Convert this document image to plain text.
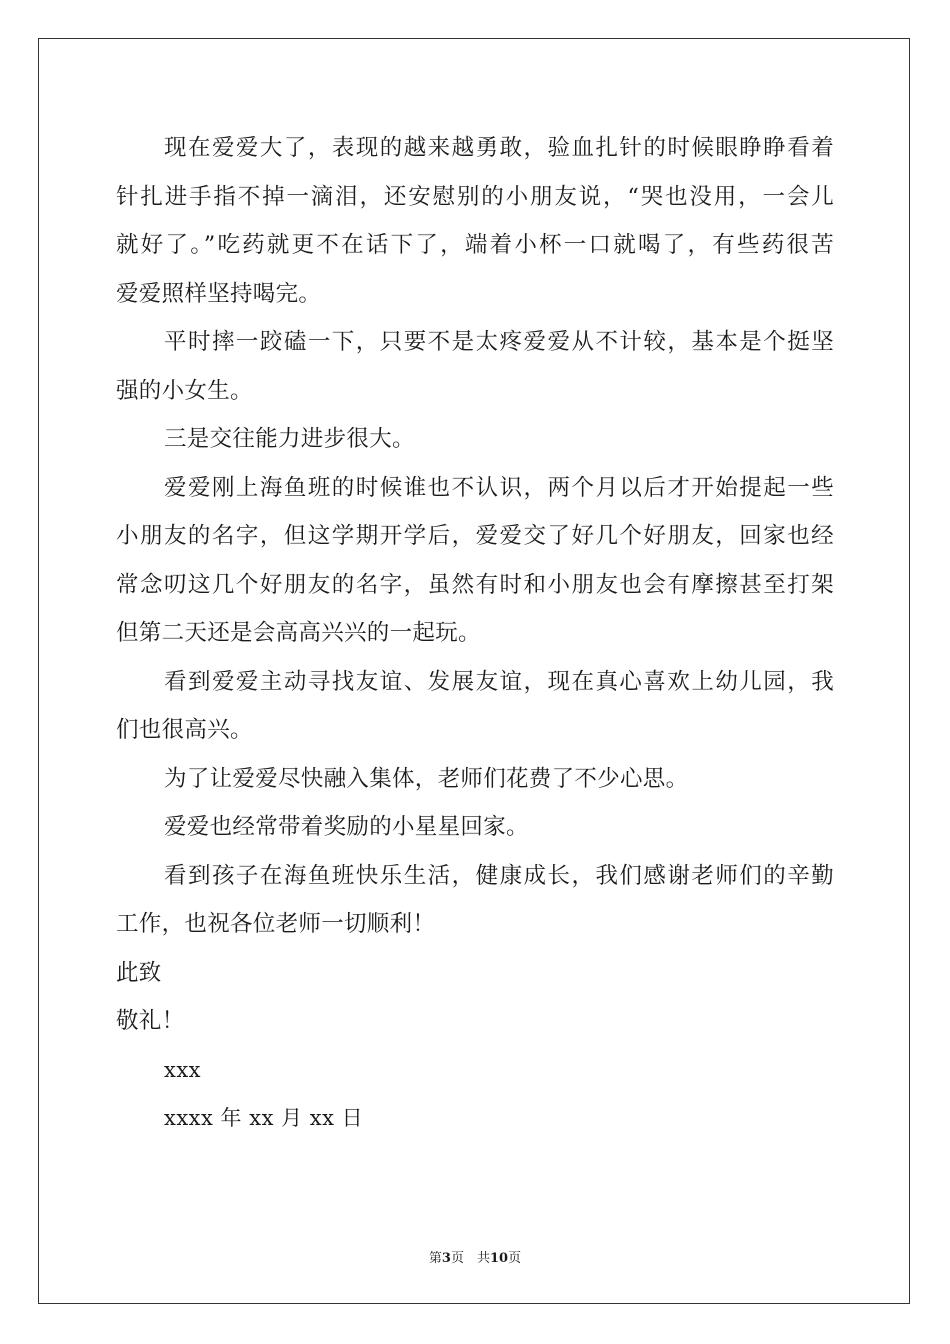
现在爱爱大了，表现的越来越勇敢，验血扎针的时候眼睁睁看着
针扎进手指不掉一滴泪，还安慰别的小朋友说，“哭也没用，一会儿
就好了。”吃药就更不在话下了，端着小杯一口就喝了，有些药很苦
爱爱照样坚持喝完。
平时摔一跤磕一下，只要不是太疼爱爱从不计较，基本是个挺坚
强的小女生。
三是交往能力进步很大。
爱爱刚上海鱼班的时候谁也不认识，两个月以后才开始提起一些
小朋友的名字，但这学期开学后，爱爱交了好几个好朋友，回家也经
常念叨这几个好朋友的名字，虽然有时和小朋友也会有摩擦甚至打架
但第二天还是会高高兴兴的一起玩。
看到爱爱主动寻找友谊、发展友谊，现在真心喜欢上幼儿园，我
们也很高兴。
为了让爱爱尽快融入集体，老师们花费了不少心思。
爱爱也经常带着奖励的小星星回家。
看到孩子在海鱼班快乐生活，健康成长，我们感谢老师们的辛勤
工作，也祝各位老师一切顺利！
此致
敬礼！
xxx
xxxx 年 xx 月 xx 日
第3页　共10页
